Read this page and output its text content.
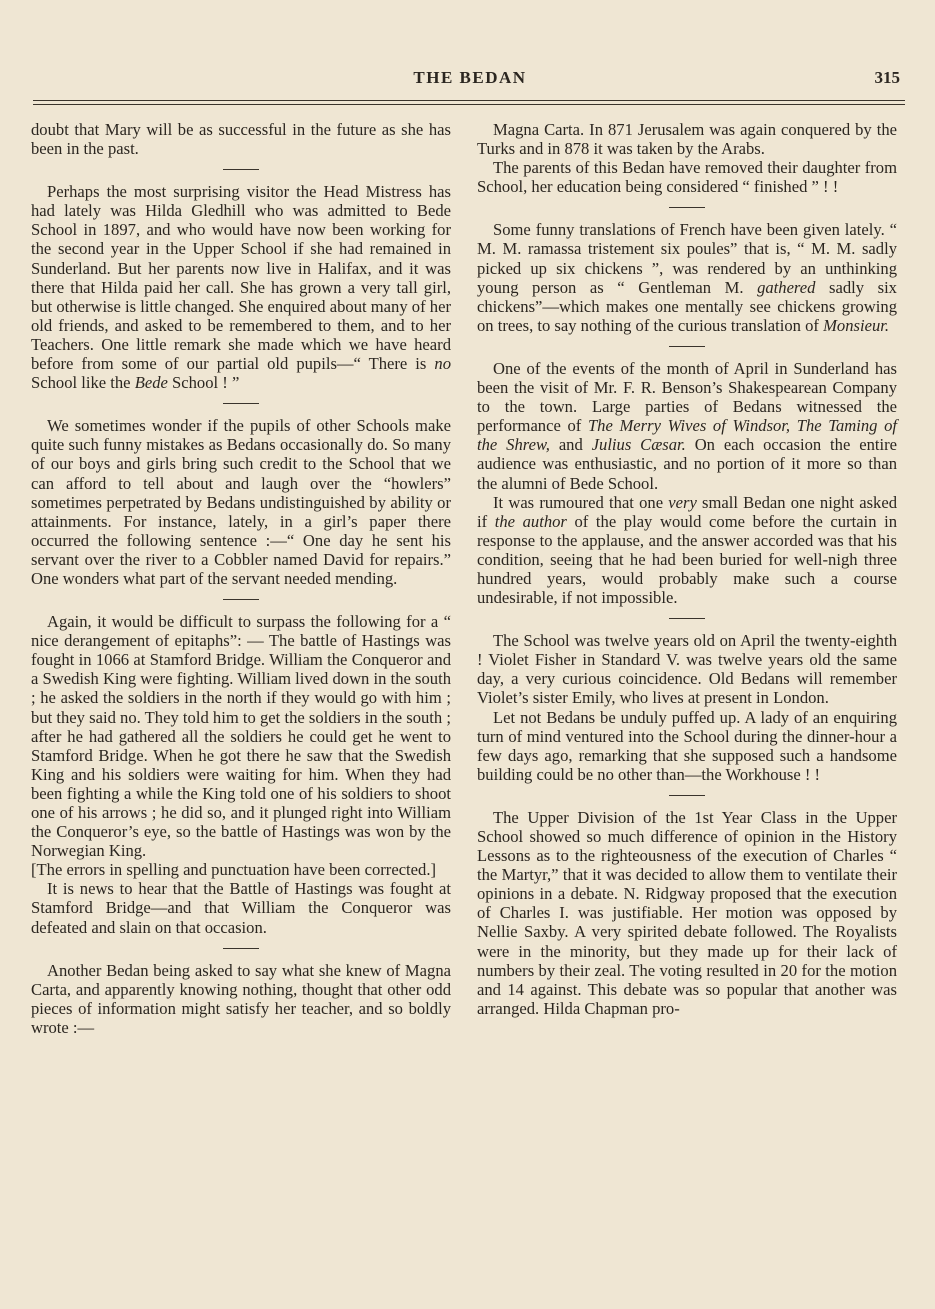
THE BEDAN	315

doubt that Mary will be as successful in the future as she has been in the past.

Perhaps the most surprising visitor the Head Mistress has had lately was Hilda Gledhill who was admitted to Bede School in 1897, and who would have now been working for the second year in the Upper School if she had remained in Sunderland. But her parents now live in Halifax, and it was there that Hilda paid her call. She has grown a very tall girl, but otherwise is little changed. She enquired about many of her old friends, and asked to be remembered to them, and to her Teachers. One little remark she made which we have heard before from some of our partial old pupils—“ There is no School like the Bede School ! ”

We sometimes wonder if the pupils of other Schools make quite such funny mistakes as Bedans occasionally do. So many of our boys and girls bring such credit to the School that we can afford to tell about and laugh over the “howlers” sometimes perpetrated by Bedans undistinguished by ability or attainments. For instance, lately, in a girl’s paper there occurred the following sentence :—“ One day he sent his servant over the river to a Cobbler named David for repairs.” One wonders what part of the servant needed mending.

Again, it would be difficult to surpass the following for a “ nice derangement of epitaphs”: — The battle of Hastings was fought in 1066 at Stamford Bridge. William the Conqueror and a Swedish King were fighting. William lived down in the south ; he asked the soldiers in the north if they would go with him ; but they said no. They told him to get the soldiers in the south ; after he had gathered all the soldiers he could get he went to Stamford Bridge. When he got there he saw that the Swedish King and his soldiers were waiting for him. When they had been fighting a while the King told one of his soldiers to shoot one of his arrows ; he did so, and it plunged right into William the Conqueror’s eye, so the battle of Hastings was won by the Norwegian King.

[The errors in spelling and punctuation have been corrected.]

It is news to hear that the Battle of Hastings was fought at Stamford Bridge—and that William the Conqueror was defeated and slain on that occasion.

Another Bedan being asked to say what she knew of Magna Carta, and apparently knowing nothing, thought that other odd pieces of information might satisfy her teacher, and so boldly wrote :—

Magna Carta. In 871 Jerusalem was again conquered by the Turks and in 878 it was taken by the Arabs.

The parents of this Bedan have removed their daughter from School, her education being considered “ finished ” ! !

Some funny translations of French have been given lately. “ M. M. ramassa tristement six poules” that is, “ M. M. sadly picked up six chickens ”, was rendered by an unthinking young person as “ Gentleman M. gathered sadly six chickens”—which makes one mentally see chickens growing on trees, to say nothing of the curious translation of Monsieur.

One of the events of the month of April in Sunderland has been the visit of Mr. F. R. Benson’s Shakespearean Company to the town. Large parties of Bedans witnessed the performance of The Merry Wives of Windsor, The Taming of the Shrew, and Julius Cæsar. On each occasion the entire audience was enthusiastic, and no portion of it more so than the alumni of Bede School.

It was rumoured that one very small Bedan one night asked if the author of the play would come before the curtain in response to the applause, and the answer accorded was that his condition, seeing that he had been buried for well-nigh three hundred years, would probably make such a course undesirable, if not impossible.

The School was twelve years old on April the twenty-eighth ! Violet Fisher in Standard V. was twelve years old the same day, a very curious coincidence. Old Bedans will remember Violet’s sister Emily, who lives at present in London.

Let not Bedans be unduly puffed up. A lady of an enquiring turn of mind ventured into the School during the dinner-hour a few days ago, remarking that she supposed such a handsome building could be no other than—the Workhouse ! !

The Upper Division of the 1st Year Class in the Upper School showed so much difference of opinion in the History Lessons as to the righteousness of the execution of Charles “ the Martyr,” that it was decided to allow them to ventilate their opinions in a debate. N. Ridgway proposed that the execution of Charles I. was justifiable. Her motion was opposed by Nellie Saxby. A very spirited debate followed. The Royalists were in the minority, but they made up for their lack of numbers by their zeal. The voting resulted in 20 for the motion and 14 against. This debate was so popular that another was arranged. Hilda Chapman pro-
